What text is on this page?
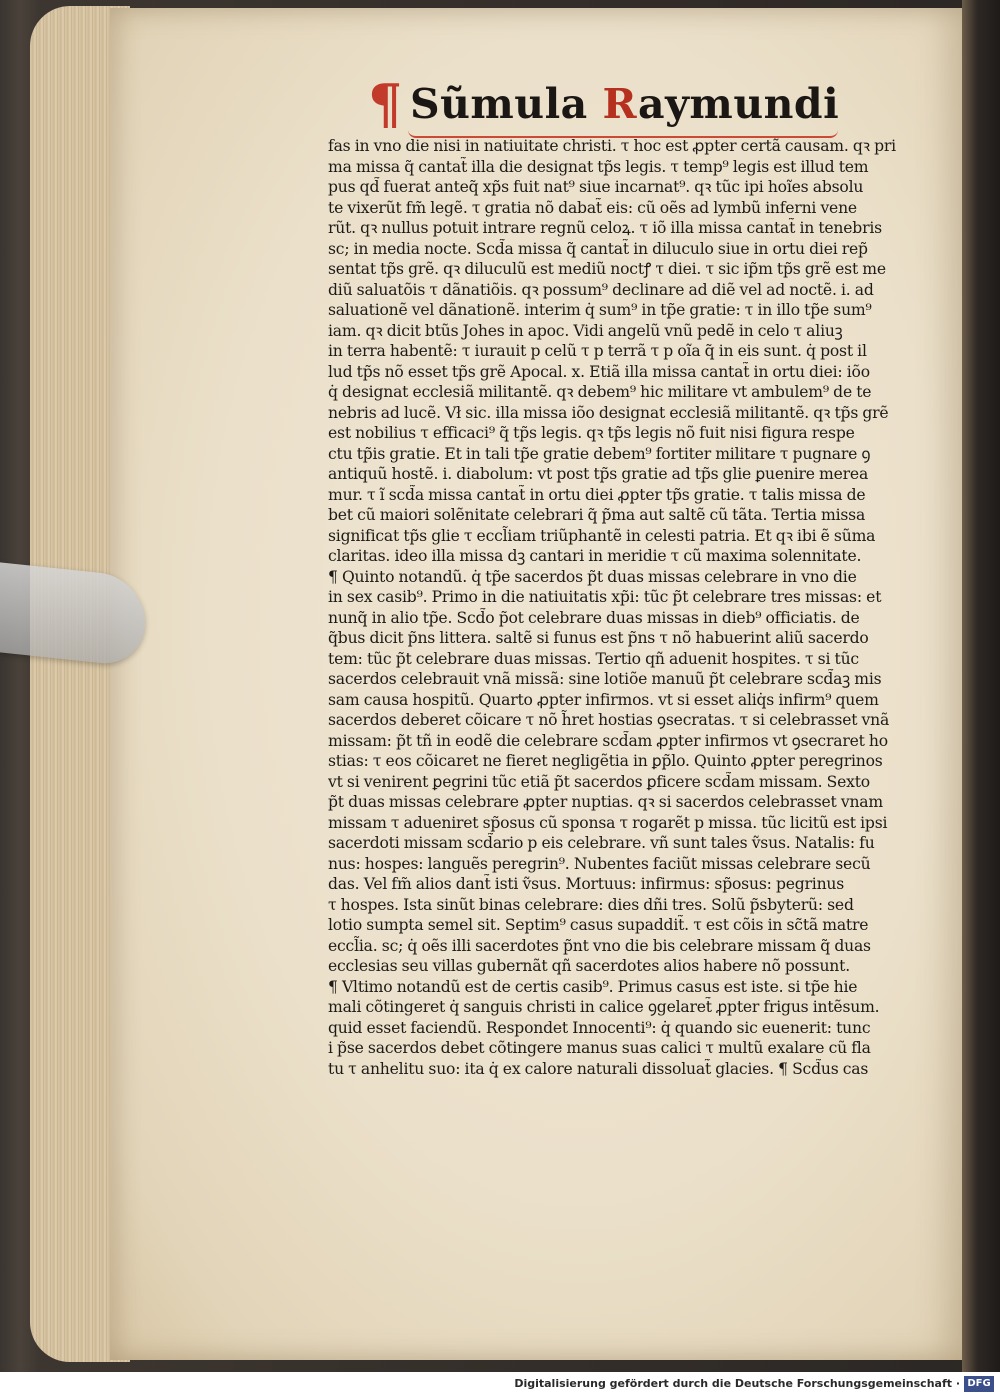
¶ Sũmula Raymundi
fas in vno die nisi in natiuitate christi. τ hoc est ꝓpter certã causam. qꝛ pri
ma missa q̃ cantat̃ illa die designat tp̃s legis. τ temp⁹ legis est illud tem
pus qd̃ fuerat anteq̃ xp̃s fuit nat⁹ siue incarnat⁹. qꝛ tũc ipi hoĩes absolu
te vixerũt fm̃ legẽ. τ gratia nõ dabat̃ eis: cũ oẽs ad lymbũ inferni vene
rũt. qꝛ nullus potuit intrare regnũ celoꝝ. τ iõ illa missa cantat̃ in tenebris
sc; in media nocte. Scd̃a missa q̃ cantat̃ in diluculo siue in ortu diei rep̃
sentat tp̃s grẽ. qꝛ diluculũ est mediũ noctꝭ τ diei. τ sic ip̃m tp̃s grẽ est me
diũ saluatõis τ dãnatiõis. qꝛ possum⁹ declinare ad diẽ vel ad noctẽ. i. ad
saluationẽ vel dãnationẽ. interim q̇ sum⁹ in tp̃e gratie: τ in illo tp̃e sum⁹
iam. qꝛ dicit btũs Johes in apoc. Vidi angelũ vnũ pedẽ in celo τ aliuꝫ
in terra habentẽ: τ iurauit p celũ τ p terrã τ p oĩa q̃ in eis sunt. q̇ post il
lud tp̃s nõ esset tp̃s grẽ Apocal. x. Etiã illa missa cantat̃ in ortu diei: iõo
q̇ designat ecclesiã militantẽ. qꝛ debem⁹ hic militare vt ambulem⁹ de te
nebris ad lucẽ. Vł sic. illa missa iõo designat ecclesiã militantẽ. qꝛ tp̃s grẽ
est nobilius τ efficaci⁹ q̃ tp̃s legis. qꝛ tp̃s legis nõ fuit nisi figura respe
ctu tp̃is gratie. Et in tali tp̃e gratie debem⁹ fortiter militare τ pugnare ꝯ
antiquũ hostẽ. i. diabolum: vt post tp̃s gratie ad tp̃s glie ꝑuenire merea
mur. τ ĩ scd̃a missa cantat̃ in ortu diei ꝓpter tp̃s gratie. τ talis missa de
bet cũ maiori solẽnitate celebrari q̃ p̃ma aut saltẽ cũ tãta. Tertia missa
significat tp̃s glie τ eccl̃iam triũphantẽ in celesti patria. Et qꝛ ibi ẽ sũma
claritas. ideo illa missa dꝫ cantari in meridie τ cũ maxima solennitate.
¶ Quinto notandũ. q̇ tp̃e sacerdos p̃t duas missas celebrare in vno die
in sex casib⁹. Primo in die natiuitatis xp̃i: tũc p̃t celebrare tres missas: et
nunq̃ in alio tp̃e. Scd̃o p̃ot celebrare duas missas in dieb⁹ officiatis. de
q̃bus dicit p̃ns littera. saltẽ si funus est p̃ns τ nõ habuerint aliũ sacerdo
tem: tũc p̃t celebrare duas missas. Tertio qñ aduenit hospites. τ si tũc
sacerdos celebrauit vnã missã: sine lotiõe manuũ p̃t celebrare scd̃aꝫ mis
sam causa hospitũ. Quarto ꝓpter infirmos. vt si esset aliq̇s infirm⁹ quem
sacerdos deberet cõicare τ nõ h̃ret hostias ꝯsecratas. τ si celebrasset vnã
missam: p̃t tñ in eodẽ die celebrare scd̃am ꝓpter infirmos vt ꝯsecraret ho
stias: τ eos cõicaret ne fieret negligẽtia in ꝑp̃lo. Quinto ꝓpter peregrinos
vt si venirent ꝑegrini tũc etiã p̃t sacerdos ꝑficere scd̃am missam. Sexto
p̃t duas missas celebrare ꝓpter nuptias. qꝛ si sacerdos celebrasset vnam
missam τ adueniret sp̃osus cũ sponsa τ rogarẽt p missa. tũc licitũ est ipsi
sacerdoti missam scd̃ario p eis celebrare. vñ sunt tales ṽsus. Natalis: fu
nus: hospes: languẽs peregrin⁹. Nubentes faciũt missas celebrare secũ
das. Vel fm̃ alios dant̃ isti ṽsus. Mortuus: infirmus: sp̃osus: pegrinus
τ hospes. Ista sinũt binas celebrare: dies dñi tres. Solũ p̃sbyterũ: sed
lotio sumpta semel sit. Septim⁹ casus supaddit̃. τ est cõis in sc̃tã matre
eccl̃ia. sc; q̇ oẽs illi sacerdotes p̃nt vno die bis celebrare missam q̃ duas
ecclesias seu villas gubernãt qñ sacerdotes alios habere nõ possunt.
¶ Vltimo notandũ est de certis casib⁹. Primus casus est iste. si tp̃e hie
mali cõtingeret q̇ sanguis christi in calice ꝯgelaret̃ ꝓpter frigus intẽsum.
quid esset faciendũ. Respondet Innocenti⁹: q̇ quando sic euenerit: tunc
i p̃se sacerdos debet cõtingere manus suas calici τ multũ exalare cũ fla
tu τ anhelitu suo: ita q̇ ex calore naturali dissoluat̃ glacies. ¶ Scd̃us cas
Digitalisierung gefördert durch die Deutsche Forschungsgemeinschaft · DFG
